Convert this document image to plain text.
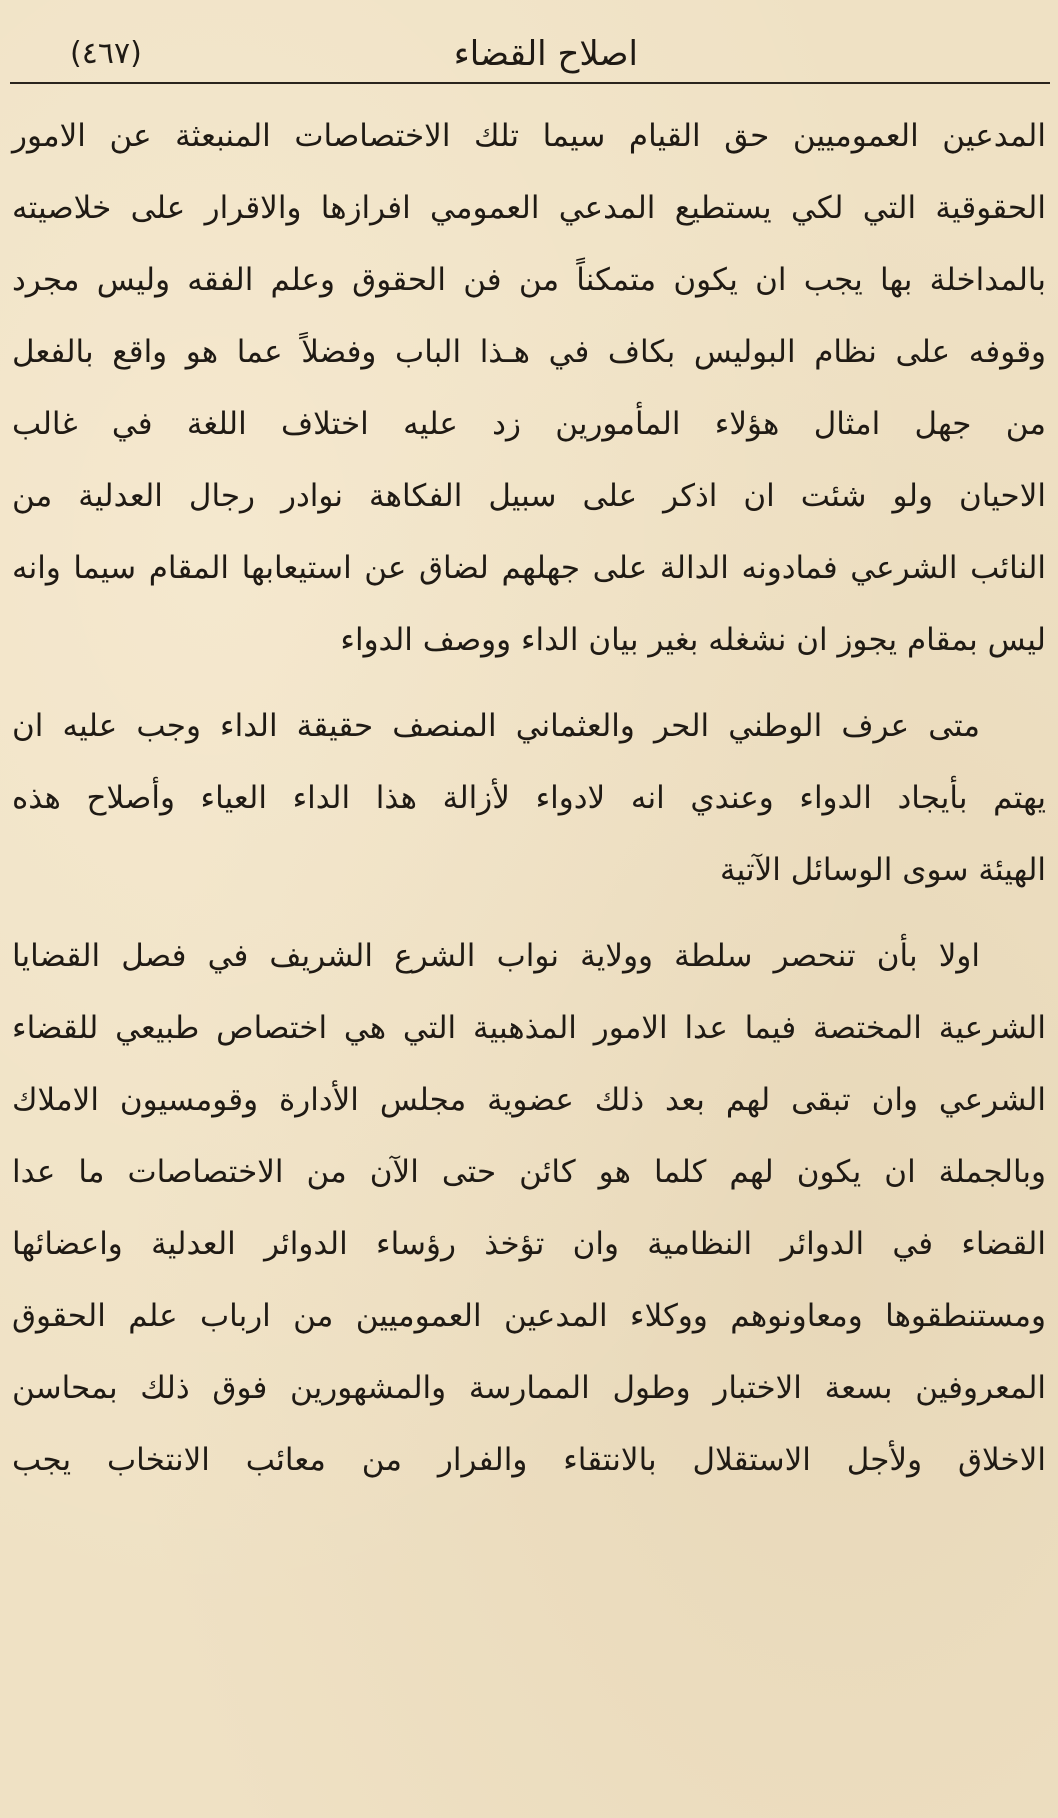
اصلاح القضاء
(٤٦٧)
المدعين العموميين حق القيام سيما تلك الاختصاصات المنبعثة عن الامور
الحقوقية التي لكي يستطيع المدعي العمومي افرازها والاقرار على خلاصيته
بالمداخلة بها يجب ان يكون متمكناً من فن الحقوق وعلم الفقه وليس مجرد
وقوفه على نظام البوليس بكاف في هـذا الباب وفضلاً عما هو واقع بالفعل
من جهل امثال هؤلاء المأمورين زد عليه اختلاف اللغة في غالب
الاحيان ولو شئت ان اذكر على سبيل الفكاهة نوادر رجال العدلية من
النائب الشرعي فمادونه الدالة على جهلهم لضاق عن استيعابها المقام سيما وانه
ليس بمقام يجوز ان نشغله بغير بيان الداء ووصف الدواء
متى عرف الوطني الحر والعثماني المنصف حقيقة الداء وجب عليه ان
يهتم بأيجاد الدواء وعندي انه لادواء لأزالة هذا الداء العياء وأصلاح هذه
الهيئة سوى الوسائل الآتية
اولا بأن تنحصر سلطة وولاية نواب الشرع الشريف في فصل القضايا
الشرعية المختصة فيما عدا الامور المذهبية التي هي اختصاص طبيعي للقضاء
الشرعي وان تبقى لهم بعد ذلك عضوية مجلس الأدارة وقومسيون الاملاك
وبالجملة ان يكون لهم كلما هو كائن حتى الآن من الاختصاصات ما عدا
القضاء في الدوائر النظامية وان تؤخذ رؤساء الدوائر العدلية واعضائها
ومستنطقوها ومعاونوهم ووكلاء المدعين العموميين من ارباب علم الحقوق
المعروفين بسعة الاختبار وطول الممارسة والمشهورين فوق ذلك بمحاسن
الاخلاق ولأجل الاستقلال بالانتقاء والفرار من معائب الانتخاب يجب
